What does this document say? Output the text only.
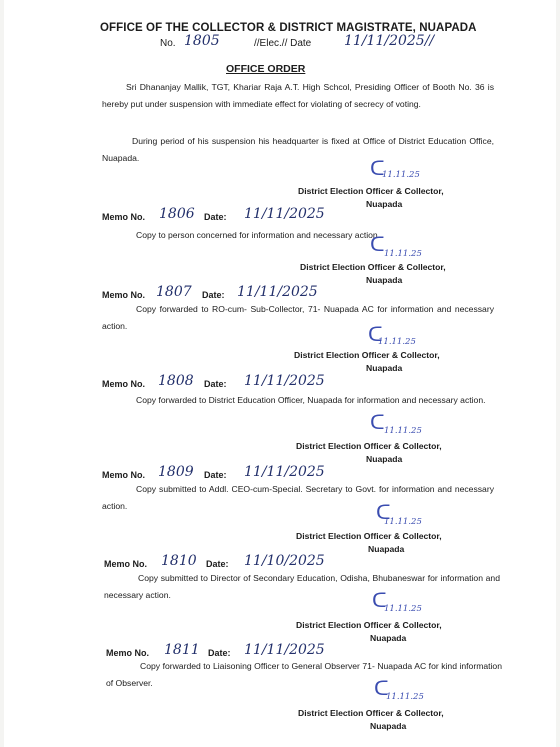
OFFICE OF THE COLLECTOR & DISTRICT MAGISTRATE, NUAPADA
No. 1805	//Elec.// Date 11/11/2025//
OFFICE ORDER
Sri Dhananjay Mallik, TGT, Khariar Raja A.T. High Schcol, Presiding Officer of Booth No. 36 is hereby put under suspension with immediate effect for violating of secrecy of voting.
During period of his suspension his headquarter is fixed at Office of District Education Office, Nuapada.	ᑕ
11.11.25
District Election Officer & Collector,
Nuapada
Memo No. 1806 Date: 11/11/2025
Copy to person concerned for information and necessary action.
ᑕ 11.11.25
District Election Officer & Collector,
Nuapada
Memo No. 1807 Date: 11/11/2025
Copy forwarded to RO-cum- Sub-Collector, 71- Nuapada AC for information and necessary action.	ᑕ
11.11.25
District Election Officer & Collector,
Nuapada
Memo No. 1808 Date: 11/11/2025
Copy forwarded to District Education Officer, Nuapada for information and necessary action.
ᑕ 11.11.25
District Election Officer & Collector,
Nuapada
Memo No. 1809 Date: 11/11/2025
Copy submitted to Addl. CEO-cum-Special. Secretary to Govt. for information and necessary action.	ᑕ
11.11.25
District Election Officer & Collector,
Nuapada
Memo No. 1810 Date: 11/10/2025
Copy submitted to Director of Secondary Education, Odisha, Bhubaneswar for information and necessary action.	ᑕ
11.11.25
District Election Officer & Collector,
Nuapada
Memo No. 1811 Date: 11/11/2025
Copy forwarded to Liaisoning Officer to General Observer 71- Nuapada AC for kind information of Observer.	ᑕ
11.11.25
District Election Officer & Collector,
Nuapada
